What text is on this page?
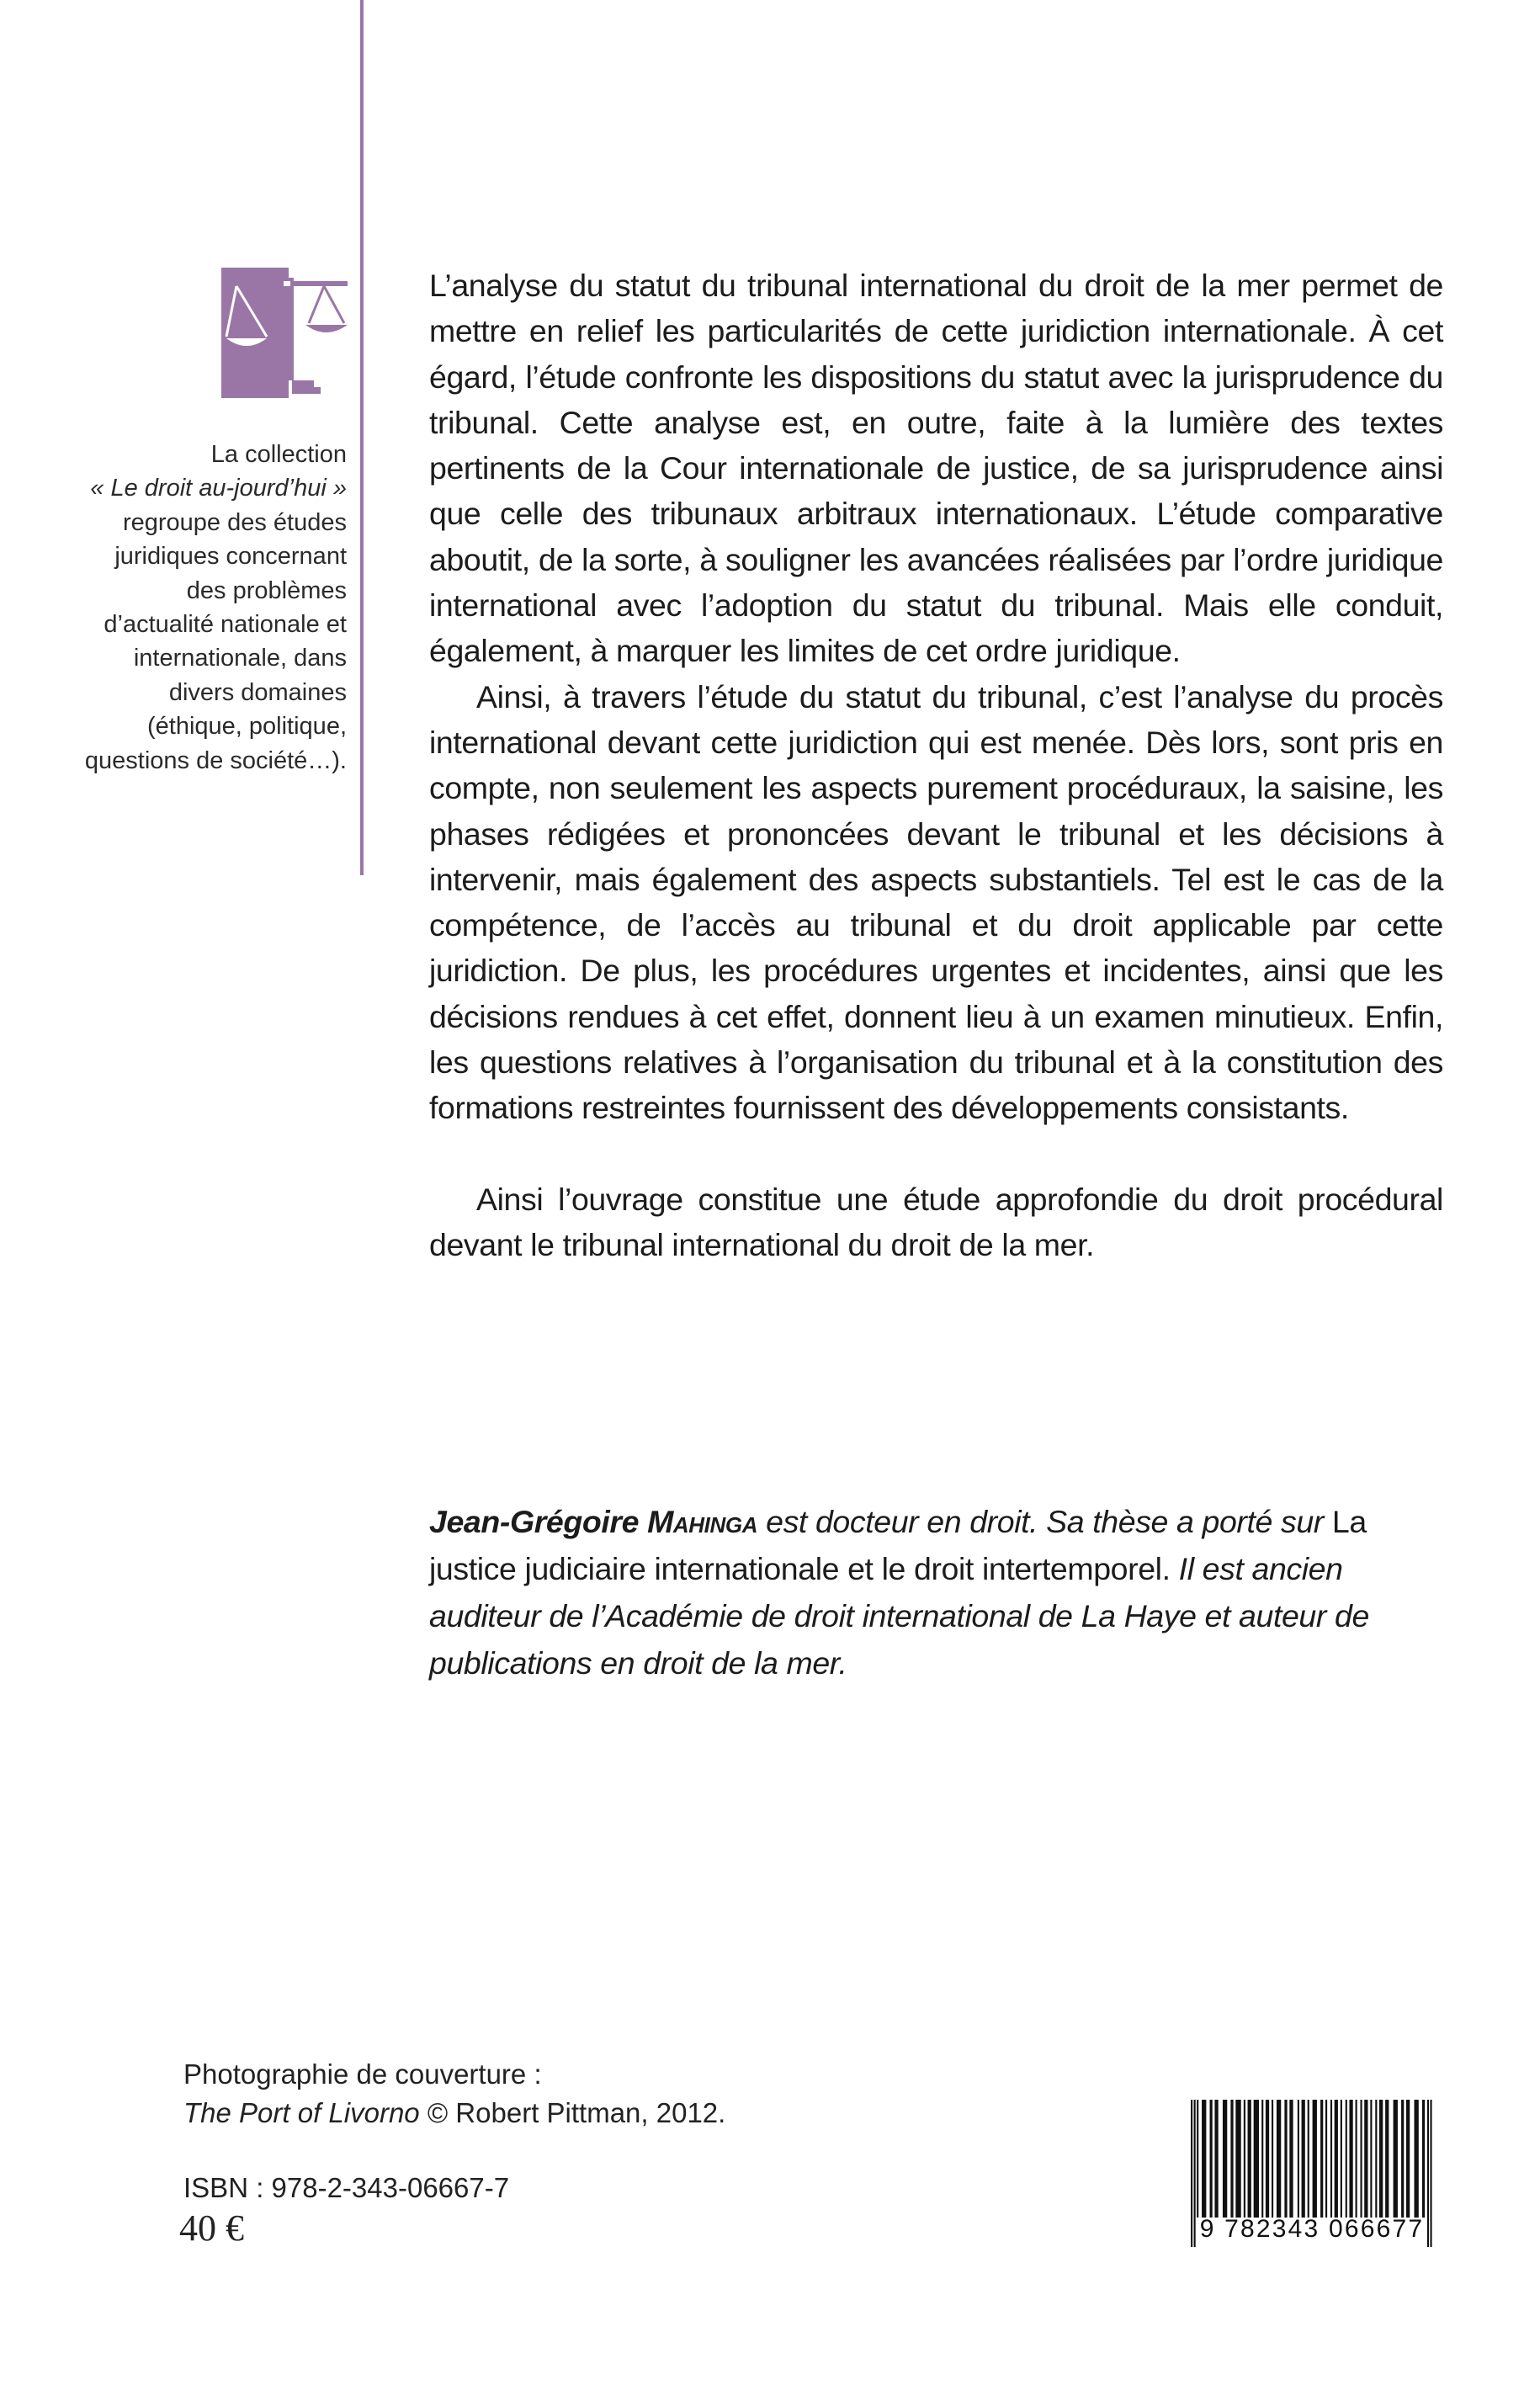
La collection
« Le droit au-jourd’hui »
regroupe des études juridiques concernant des problèmes d’actualité nationale et internationale, dans divers domaines (éthique, politique, questions de société…).

L’analyse du statut du tribunal international du droit de la mer permet de mettre en relief les particularités de cette juridiction internationale. À cet égard, l’étude confronte les dispositions du statut avec la jurisprudence du tribunal. Cette analyse est, en outre, faite à la lumière des textes pertinents de la Cour internationale de justice, de sa jurisprudence ainsi que celle des tribunaux arbitraux internationaux. L’étude comparative aboutit, de la sorte, à souligner les avancées réalisées par l’ordre juridique international avec l’adoption du statut du tribunal. Mais elle conduit, également, à marquer les limites de cet ordre juridique.

Ainsi, à travers l’étude du statut du tribunal, c’est l’analyse du procès international devant cette juridiction qui est menée. Dès lors, sont pris en compte, non seulement les aspects purement procéduraux, la saisine, les phases rédigées et prononcées devant le tribunal et les décisions à intervenir, mais également des aspects substantiels. Tel est le cas de la compétence, de l’accès au tribunal et du droit applicable par cette juridiction. De plus, les procédures urgentes et incidentes, ainsi que les décisions rendues à cet effet, donnent lieu à un examen minutieux. Enfin, les questions relatives à l’organisation du tribunal et à la constitution des formations restreintes fournissent des développements consistants.

Ainsi l’ouvrage constitue une étude approfondie du droit procédural devant le tribunal international du droit de la mer.

Jean-Grégoire Mahinga est docteur en droit. Sa thèse a porté sur La justice judiciaire internationale et le droit intertemporel. Il est ancien auditeur de l’Académie de droit international de La Haye et auteur de publications en droit de la mer.
Photographie de couverture :
The Port of Livorno © Robert Pittman, 2012.
ISBN : 978-2-343-06667-7
40 €	9 782343 066677
